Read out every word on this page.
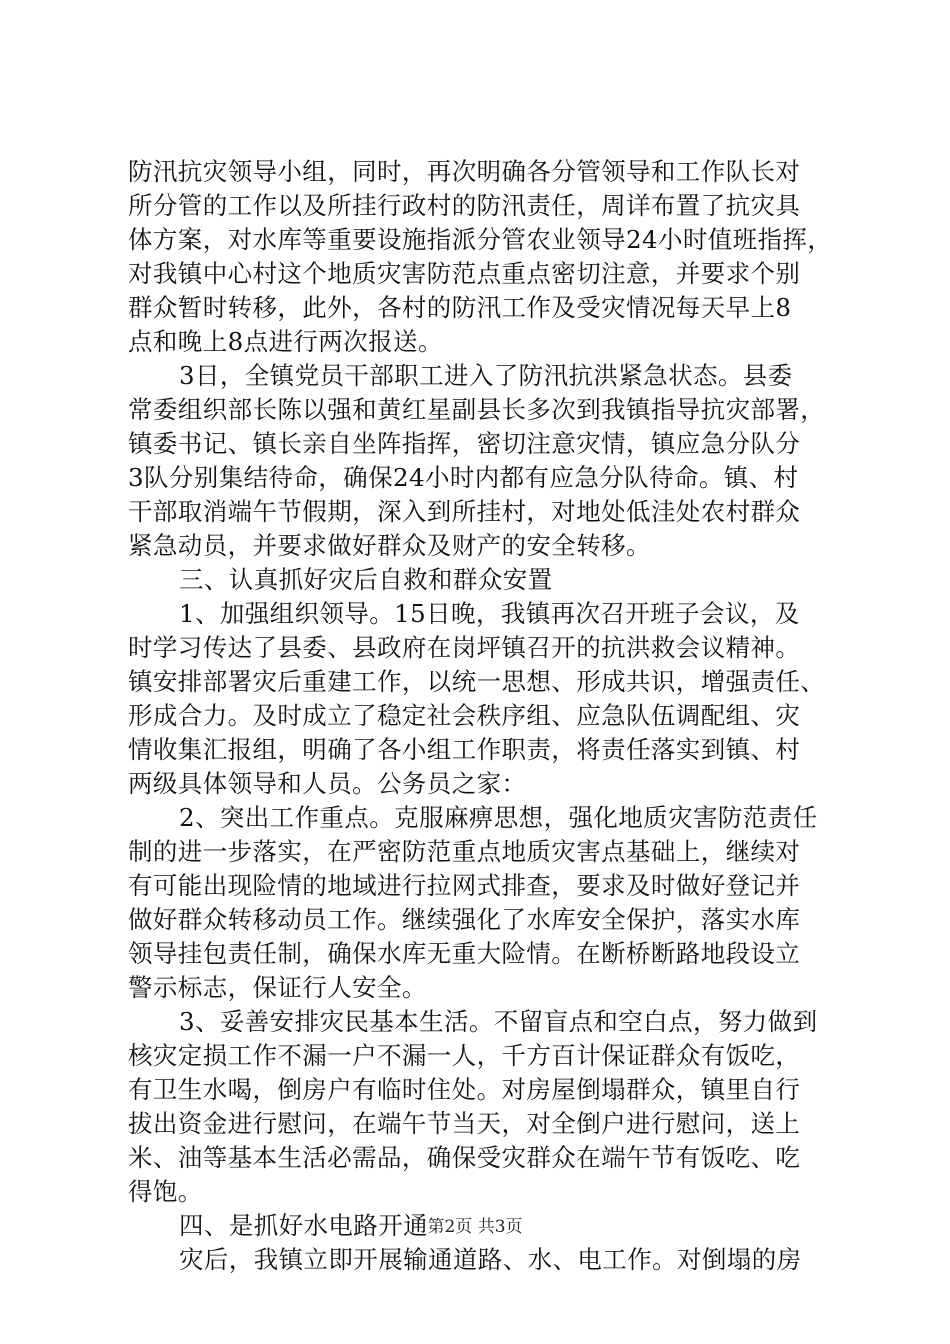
防汛抗灾领导小组，同时，再次明确各分管领导和工作队长对
所分管的工作以及所挂行政村的防汛责任，周详布置了抗灾具
体方案，对水库等重要设施指派分管农业领导24小时值班指挥，
对我镇中心村这个地质灾害防范点重点密切注意，并要求个别
群众暂时转移，此外，各村的防汛工作及受灾情况每天早上8
点和晚上8点进行两次报送。
3日，全镇党员干部职工进入了防汛抗洪紧急状态。县委
常委组织部长陈以强和黄红星副县长多次到我镇指导抗灾部署，
镇委书记、镇长亲自坐阵指挥，密切注意灾情，镇应急分队分
3队分别集结待命，确保24小时内都有应急分队待命。镇、村
干部取消端午节假期，深入到所挂村，对地处低洼处农村群众
紧急动员，并要求做好群众及财产的安全转移。
三、认真抓好灾后自救和群众安置
1、加强组织领导。15日晚，我镇再次召开班子会议，及
时学习传达了县委、县政府在岗坪镇召开的抗洪救会议精神。
镇安排部署灾后重建工作，以统一思想、形成共识，增强责任、
形成合力。及时成立了稳定社会秩序组、应急队伍调配组、灾
情收集汇报组，明确了各小组工作职责，将责任落实到镇、村
两级具体领导和人员。公务员之家：
2、突出工作重点。克服麻痹思想，强化地质灾害防范责任
制的进一步落实，在严密防范重点地质灾害点基础上，继续对
有可能出现险情的地域进行拉网式排查，要求及时做好登记并
做好群众转移动员工作。继续强化了水库安全保护，落实水库
领导挂包责任制，确保水库无重大险情。在断桥断路地段设立
警示标志，保证行人安全。
3、妥善安排灾民基本生活。不留盲点和空白点，努力做到
核灾定损工作不漏一户不漏一人，千方百计保证群众有饭吃，
有卫生水喝，倒房户有临时住处。对房屋倒塌群众，镇里自行
拔出资金进行慰问，在端午节当天，对全倒户进行慰问，送上
米、油等基本生活必需品，确保受灾群众在端午节有饭吃、吃
得饱。
四、是抓好水电路开通
灾后，我镇立即开展输通道路、水、电工作。对倒塌的房
第2页 共3页
